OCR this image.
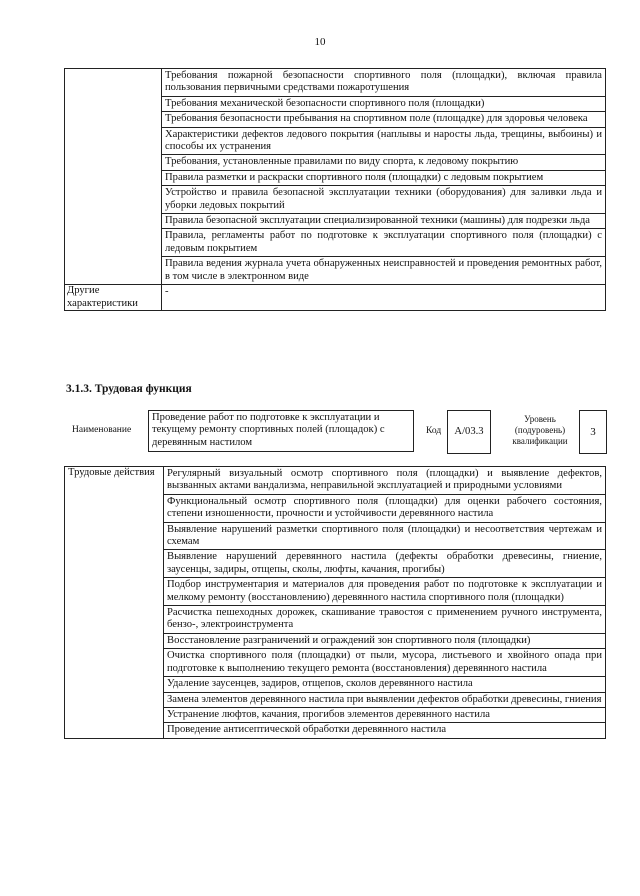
10
	Требования пожарной безопасности спортивного поля (площадки), включая правила пользования первичными средствами пожаротушения
	Требования механической безопасности спортивного поля (площадки)
	Требования безопасности пребывания на спортивном поле (площадке) для здоровья человека
	Характеристики дефектов ледового покрытия (наплывы и наросты льда, трещины, выбоины) и способы их устранения
	Требования, установленные правилами по виду спорта, к ледовому покрытию
	Правила разметки и раскраски спортивного поля (площадки) с ледовым покрытием
	Устройство и правила безопасной эксплуатации техники (оборудования) для заливки льда и уборки ледовых покрытий
	Правила безопасной эксплуатации специализированной техники (машины) для подрезки льда
	Правила, регламенты работ по подготовке к эксплуатации спортивного поля (площадки) с ледовым покрытием
	Правила ведения журнала учета обнаруженных неисправностей и проведения ремонтных работ, в том числе в электронном виде
Другие характеристики	-
3.1.3. Трудовая функция
Наименование
Проведение работ по подготовке к эксплуатации и текущему ремонту спортивных полей (площадок) с деревянным настилом
Код	А/03.3
Уровень (подуровень) квалификации
3
Трудовые действия	Регулярный визуальный осмотр спортивного поля (площадки) и выявление дефектов, вызванных актами вандализма, неправильной эксплуатацией и природными условиями
Функциональный осмотр спортивного поля (площадки) для оценки рабочего состояния, степени изношенности, прочности и устойчивости деревянного настила
Выявление нарушений разметки спортивного поля (площадки) и несоответствия чертежам и схемам
Выявление нарушений деревянного настила (дефекты обработки древесины, гниение, заусенцы, задиры, отщепы, сколы, люфты, качания, прогибы)
Подбор инструментария и материалов для проведения работ по подготовке к эксплуатации и мелкому ремонту (восстановлению) деревянного настила спортивного поля (площадки)
Расчистка пешеходных дорожек, скашивание травостоя с применением ручного инструмента, бензо-, электроинструмента
Восстановление разграничений и ограждений зон спортивного поля (площадки)
Очистка спортивного поля (площадки) от пыли, мусора, листьевого и хвойного опада при подготовке к выполнению текущего ремонта (восстановления) деревянного настила
Удаление заусенцев, задиров, отщепов, сколов деревянного настила
Замена элементов деревянного настила при выявлении дефектов обработки древесины, гниения
Устранение люфтов, качания, прогибов элементов деревянного настила
Проведение антисептической обработки деревянного настила
